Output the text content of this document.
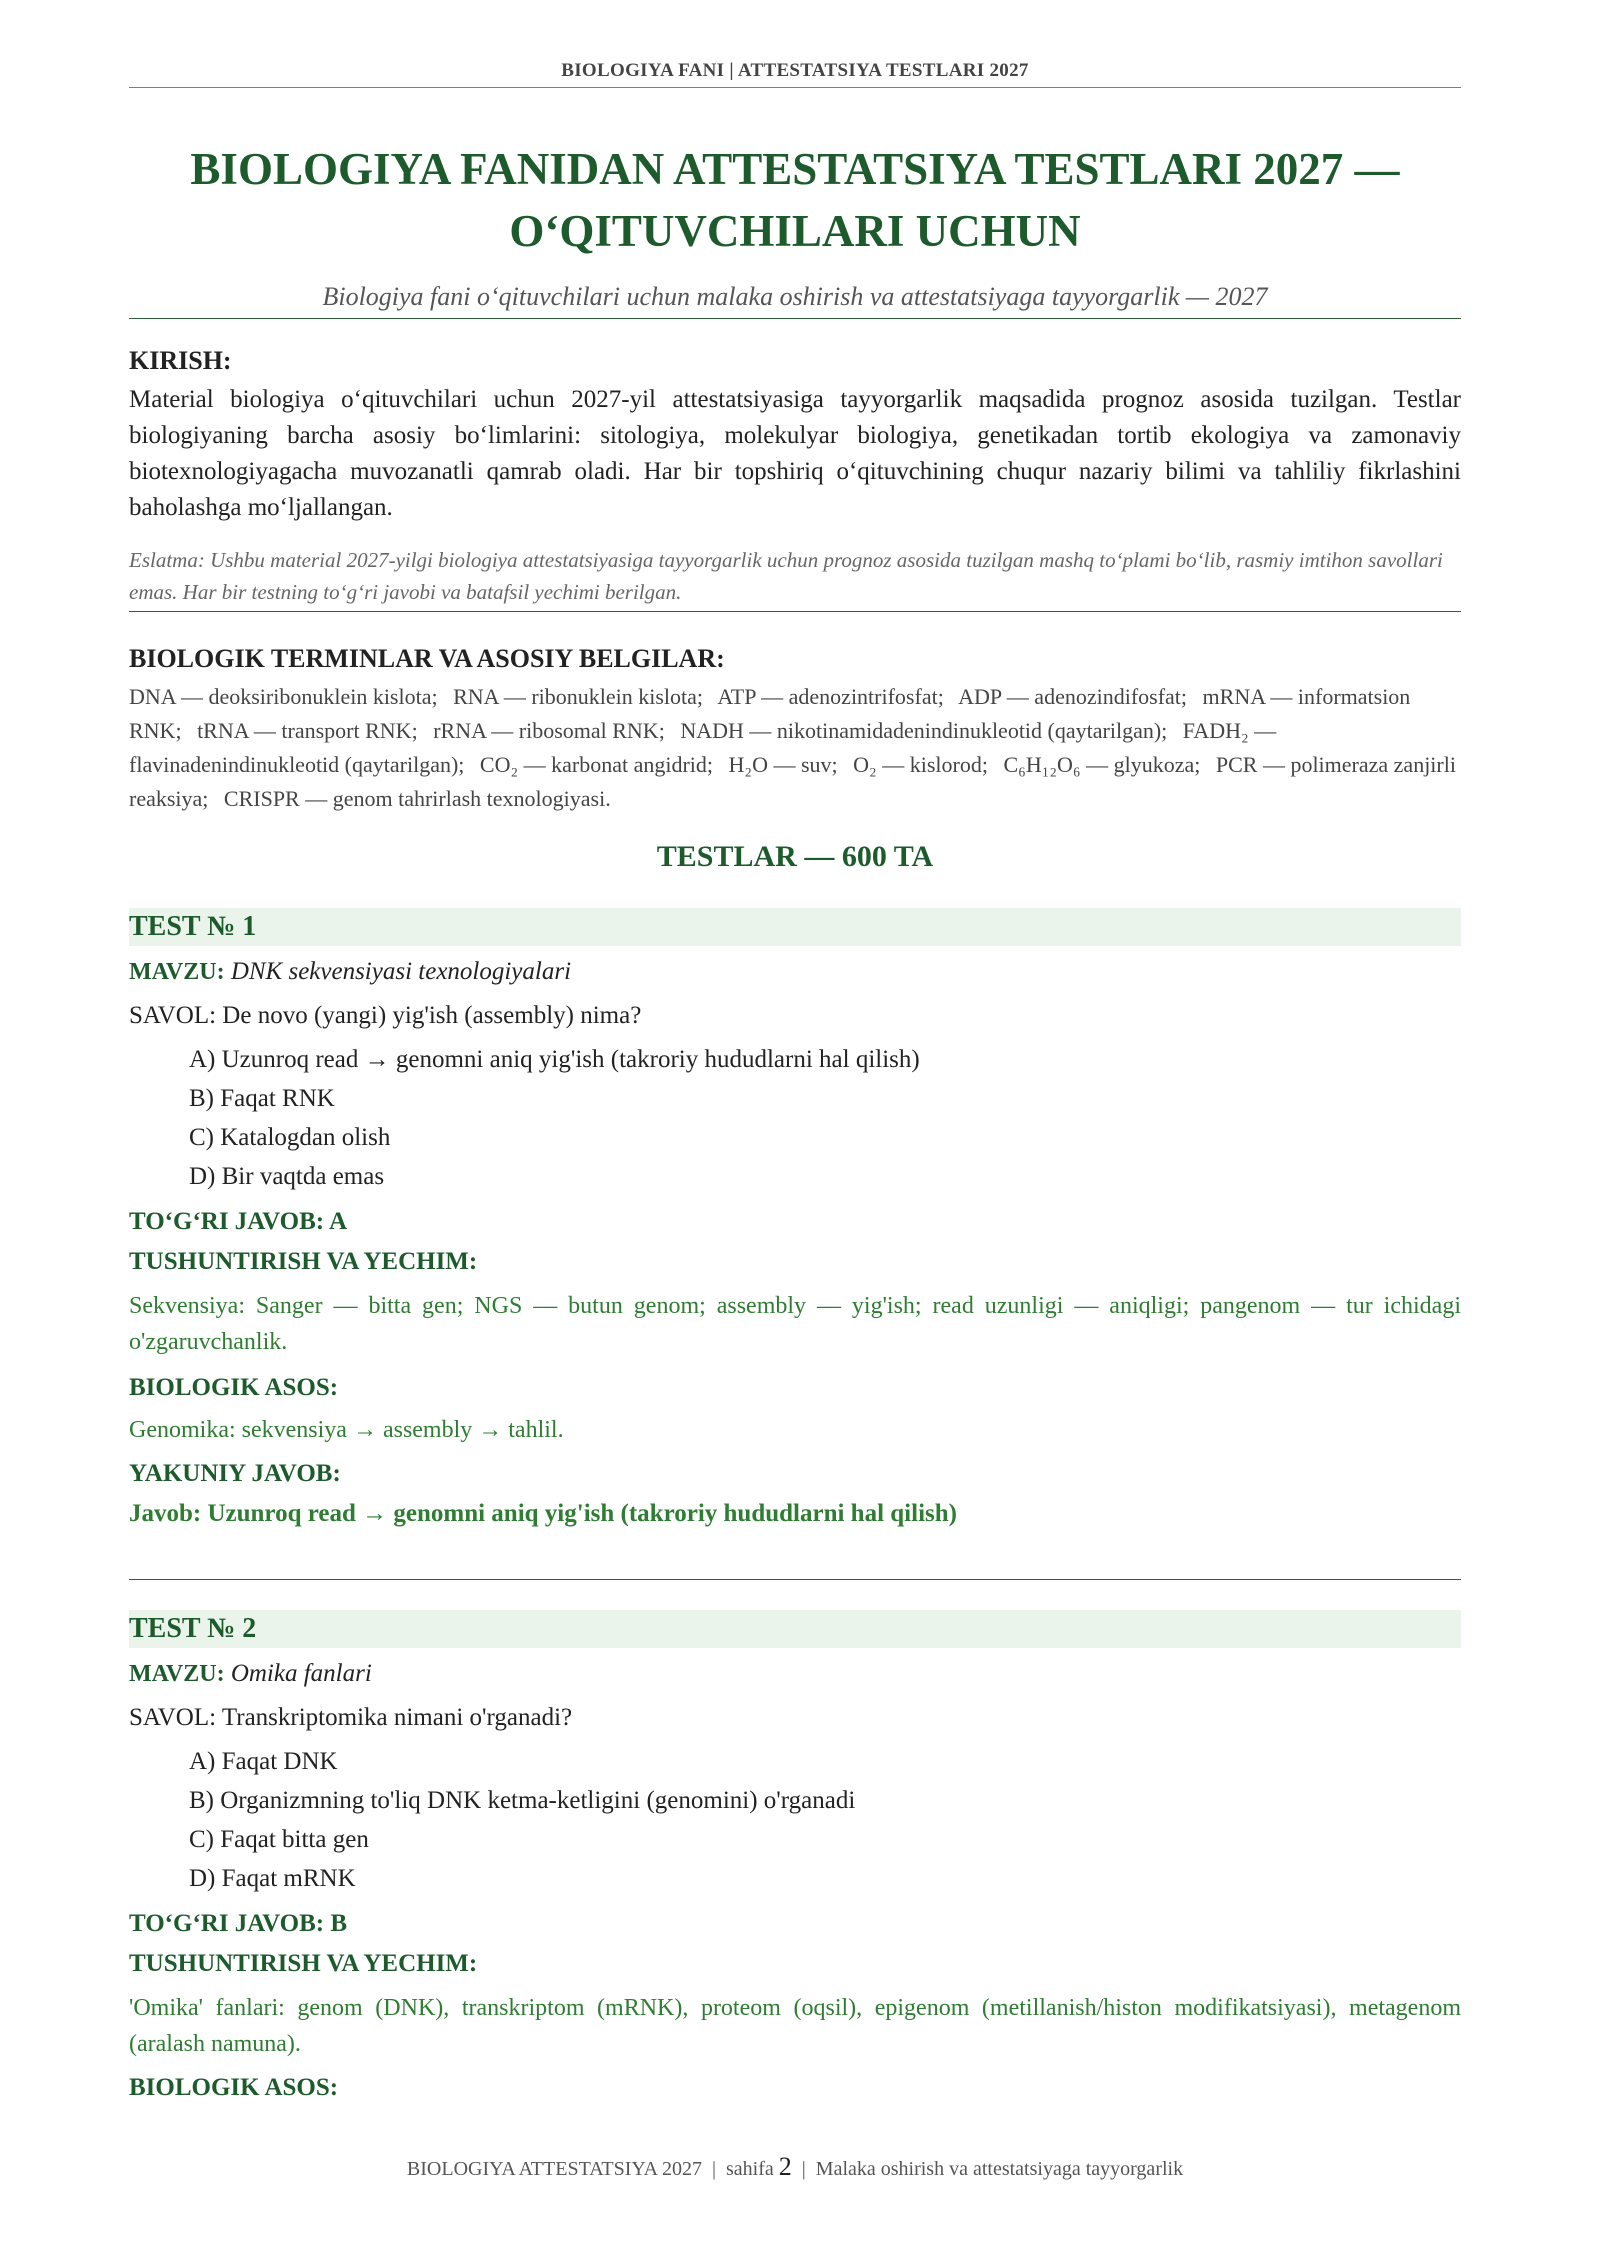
BIOLOGIYA FANI | ATTESTATSIYA TESTLARI 2027
BIOLOGIYA FANIDAN ATTESTATSIYA TESTLARI 2027 —
O‘QITUVCHILARI UCHUN
Biologiya fani o‘qituvchilari uchun malaka oshirish va attestatsiyaga tayyorgarlik — 2027
KIRISH:
Material biologiya o‘qituvchilari uchun 2027-yil attestatsiyasiga tayyorgarlik maqsadida prognoz asosida tuzilgan. Testlar biologiyaning barcha asosiy bo‘limlarini: sitologiya, molekulyar biologiya, genetikadan tortib ekologiya va zamonaviy biotexnologiyagacha muvozanatli qamrab oladi. Har bir topshiriq o‘qituvchining chuqur nazariy bilimi va tahliliy fikrlashini baholashga mo‘ljallangan.
Eslatma: Ushbu material 2027-yilgi biologiya attestatsiyasiga tayyorgarlik uchun prognoz asosida tuzilgan mashq to‘plami bo‘lib, rasmiy imtihon savollari emas. Har bir testning to‘g‘ri javobi va batafsil yechimi berilgan.
BIOLOGIK TERMINLAR VA ASOSIY BELGILAR:
DNA — deoksiribonuklein kislota; RNA — ribonuklein kislota; ATP — adenozintrifosfat; ADP — adenozindifosfat; mRNA — informatsion RNK; tRNA — transport RNK; rRNA — ribosomal RNK; NADH — nikotinamidadenindinukleotid (qaytarilgan); FADH₂ — flavinadenindinukleotid (qaytarilgan); CO₂ — karbonat angidrid; H₂O — suv; O₂ — kislorod; C₆H₁₂O₆ — glyukoza; PCR — polimeraza zanjirli reaksiya; CRISPR — genom tahrirlash texnologiyasi.
TESTLAR — 600 TA
TEST № 1
MAVZU: DNK sekvensiyasi texnologiyalari
SAVOL: De novo (yangi) yig'ish (assembly) nima?
A) Uzunroq read → genomni aniq yig'ish (takroriy hududlarni hal qilish)
B) Faqat RNK
C) Katalogdan olish
D) Bir vaqtda emas
TO‘G‘RI JAVOB: A
TUSHUNTIRISH VA YECHIM:
Sekvensiya: Sanger — bitta gen; NGS — butun genom; assembly — yig'ish; read uzunligi — aniqligi; pangenom — tur ichidagi o'zgaruvchanlik.
BIOLOGIK ASOS:
Genomika: sekvensiya → assembly → tahlil.
YAKUNIY JAVOB:
Javob: Uzunroq read → genomni aniq yig'ish (takroriy hududlarni hal qilish)
TEST № 2
MAVZU: Omika fanlari
SAVOL: Transkriptomika nimani o'rganadi?
A) Faqat DNK
B) Organizmning to'liq DNK ketma-ketligini (genomini) o'rganadi
C) Faqat bitta gen
D) Faqat mRNK
TO‘G‘RI JAVOB: B
TUSHUNTIRISH VA YECHIM:
'Omika' fanlari: genom (DNK), transkriptom (mRNK), proteom (oqsil), epigenom (metillanish/histon modifikatsiyasi), metagenom (aralash namuna).
BIOLOGIK ASOS:
BIOLOGIYA ATTESTATSIYA 2027 | sahifa 2 | Malaka oshirish va attestatsiyaga tayyorgarlik
